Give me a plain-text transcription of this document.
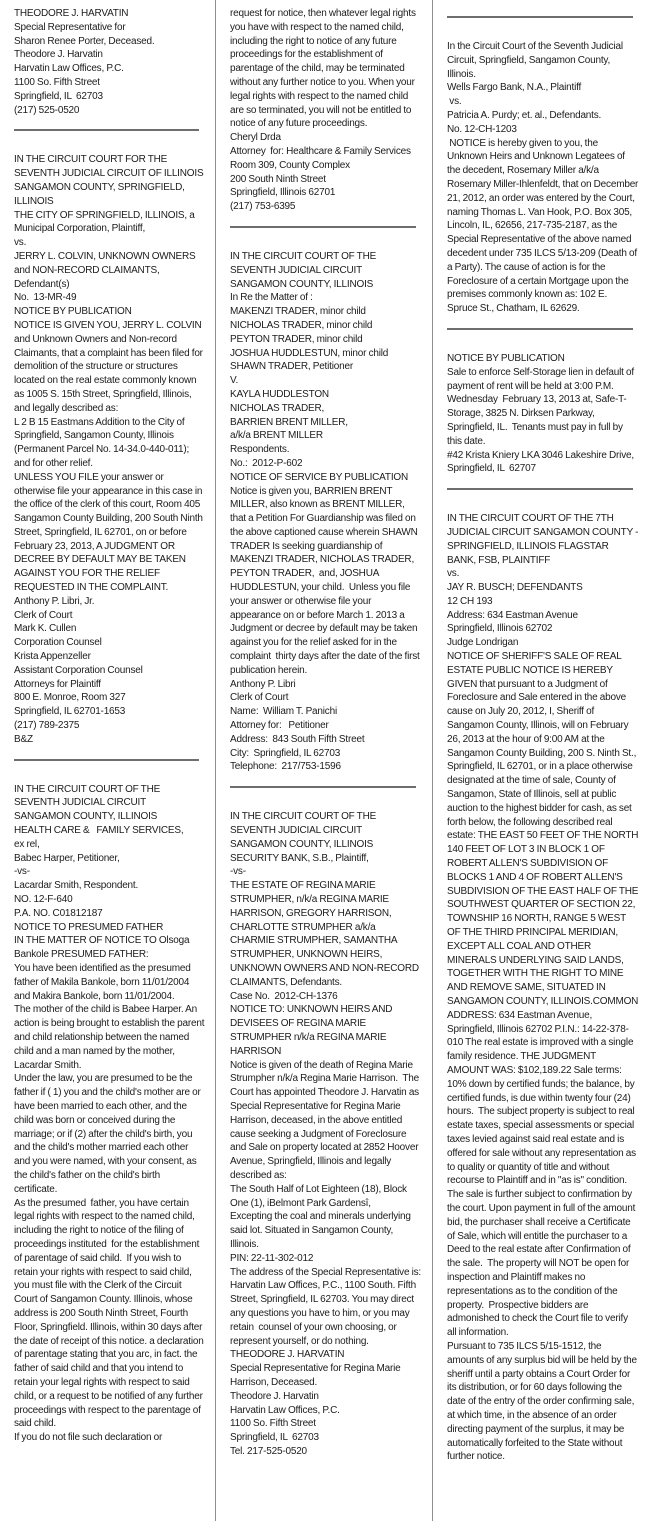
THEODORE J. HARVATIN
Special Representative for
Sharon Renee Porter, Deceased.
Theodore J. Harvatin
Harvatin Law Offices, P.C.
1100 So. Fifth Street
Springfield, IL  62703
(217) 525-0520
IN THE CIRCUIT COURT FOR THE SEVENTH JUDICIAL CIRCUIT OF ILLINOIS SANGAMON COUNTY, SPRINGFIELD, ILLINOIS
THE CITY OF SPRINGFIELD, ILLINOIS, a Municipal Corporation, Plaintiff,
vs.
JERRY L. COLVIN, UNKNOWN OWNERS and NON-RECORD CLAIMANTS, Defendant(s)
No.  13-MR-49
NOTICE BY PUBLICATION
NOTICE IS GIVEN YOU, JERRY L. COLVIN and Unknown Owners and Non-record Claimants, that a complaint has been filed for demolition of the structure or structures located on the real estate commonly known as 1005 S. 15th Street, Springfield, Illinois, and legally described as:
L 2 B 15 Eastmans Addition to the City of Springfield, Sangamon County, Illinois (Permanent Parcel No. 14-34.0-440-011); and for other relief.
UNLESS YOU FILE your answer or otherwise file your appearance in this case in the office of the clerk of this court, Room 405 Sangamon County Building, 200 South Ninth Street, Springfield, IL 62701, on or before February 23, 2013, A JUDGMENT OR DECREE BY DEFAULT MAY BE TAKEN AGAINST YOU FOR THE RELIEF REQUESTED IN THE COMPLAINT.
Anthony P. Libri, Jr.
Clerk of Court
Mark K. Cullen
Corporation Counsel
Krista Appenzeller
Assistant Corporation Counsel
Attorneys for Plaintiff
800 E. Monroe, Room 327
Springfield, IL 62701-1653
(217) 789-2375
B&Z
IN THE CIRCUIT COURT OF THE SEVENTH JUDICIAL CIRCUIT
SANGAMON COUNTY, ILLINOIS
HEALTH CARE &   FAMILY SERVICES,
ex rel,
Babec Harper, Petitioner,
-vs-
Lacardar Smith, Respondent.
NO. 12-F-640
P.A. NO. C01812187
NOTICE TO PRESUMED FATHER
IN THE MATTER OF NOTICE TO Olsoga Bankole PRESUMED FATHER:
You have been identified as the presumed father of Makila Bankole, born 11/01/2004 and Makira Bankole, born 11/01/2004.
The mother of the child is Babee Harper. An action is being brought to establish the parent and child relationship between the named child and a man named by the mother, Lacardar Smith.
Under the law, you are presumed to be the father if ( 1) you and the child's mother are or have been married to each other, and the child was born or conceived during the marriage; or if (2) after the child's birth, you and the child's mother married each other and you were named, with your consent, as the child's father on the child's birth certificate.
As the presumed  father, you have certain legal rights with respect to the named child, including the right to notice of the filing of proceedings instituted  for the establishment of parentage of said child.  If you wish to retain your rights with respect to said child, you must file with the Clerk of the Circuit Court of Sangamon County. Illinois, whose address is 200 South Ninth Street, Fourth Floor, Springfield. Illinois, within 30 days after the date of receipt of this notice. a declaration of parentage stating that you arc, in fact. the father of said child and that you intend to retain your legal rights with respect to said child, or a request to be notified of any further proceedings with respect to the parentage of said child.
If you do not file such declaration or
request for notice, then whatever legal rights you have with respect to the named child, including the right to notice of any future proceedings for the establishment of parentage of the child, may be terminated without any further notice to you. When your legal rights with respect to the named child are so terminated, you will not be entitled to notice of any future proceedings.
Cheryl Drda
Attorney  for: Healthcare & Family Services
Room 309, County Complex
200 South Ninth Street
Springfield, Illinois 62701
(217) 753-6395
IN THE CIRCUIT COURT OF THE SEVENTH JUDICIAL CIRCUIT
SANGAMON COUNTY, ILLINOIS
In Re the Matter of :
MAKENZI TRADER, minor child
NICHOLAS TRADER, minor child
PEYTON TRADER, minor child
JOSHUA HUDDLESTUN, minor child
SHAWN TRADER, Petitioner
V.
KAYLA HUDDLESTON
NICHOLAS TRADER,
BARRIEN BRENT MILLER,
a/k/a BRENT MILLER
Respondents.
No.:  2012-P-602
NOTICE OF SERVICE BY PUBLICATION
Notice is given you, BARRIEN BRENT MILLER, also known as BRENT MILLER, that a Petition For Guardianship was filed on the above captioned cause wherein SHAWN TRADER Is seeking guardianship of MAKENZI TRADER, NICHOLAS TRADER, PEYTON TRADER,  and, JOSHUA HUDDLESTUN, your child.  Unless you file your answer or otherwise file your appearance on or before March 1. 2013 a Judgment or decree by default may be taken against you for the relief asked for in the complaint  thirty days after the date of the first publication herein.
Anthony P. Libri
Clerk of Court
Name:  William T. Panichi
Attorney for:   Petitioner
Address:  843 South Fifth Street
City:  Springfield, IL 62703
Telephone:  217/753-1596
IN THE CIRCUIT COURT OF THE SEVENTH JUDICIAL CIRCUIT
SANGAMON COUNTY, ILLINOIS
SECURITY BANK, S.B., Plaintiff,
-vs-
THE ESTATE OF REGINA MARIE STRUMPHER, n/k/a REGINA MARIE HARRISON, GREGORY HARRISON, CHARLOTTE STRUMPHER a/k/a CHARMIE STRUMPHER, SAMANTHA STRUMPHER, UNKNOWN HEIRS,
UNKNOWN OWNERS AND NON-RECORD CLAIMANTS, Defendants.
Case No.  2012-CH-1376
NOTICE TO: UNKNOWN HEIRS AND DEVISEES OF REGINA MARIE STRUMPHER n/k/a REGINA MARIE HARRISON
Notice is given of the death of Regina Marie Strumpher n/k/a Regina Marie Harrison.  The Court has appointed Theodore J. Harvatin as Special Representative for Regina Marie Harrison, deceased, in the above entitled cause seeking a Judgment of Foreclosure and Sale on property located at 2852 Hoover Avenue, Springfield, Illinois and legally described as:
The South Half of Lot Eighteen (18), Block One (1), iBelmont Park Gardensî,
Excepting the coal and minerals underlying said lot. Situated in Sangamon County, Illinois.
PIN: 22-11-302-012
The address of the Special Representative is: Harvatin Law Offices, P.C., 1100 South. Fifth Street, Springfield, IL 62703. You may direct any questions you have to him, or you may retain  counsel of your own choosing, or represent yourself, or do nothing.
THEODORE J. HARVATIN
Special Representative for Regina Marie Harrison, Deceased.
Theodore J. Harvatin
Harvatin Law Offices, P.C.
1100 So. Fifth Street
Springfield, IL  62703
Tel. 217-525-0520
In the Circuit Court of the Seventh Judicial Circuit, Springfield, Sangamon County, Illinois.
Wells Fargo Bank, N.A., Plaintiff
vs.
Patricia A. Purdy; et. al., Defendants.
No. 12-CH-1203
NOTICE is hereby given to you, the Unknown Heirs and Unknown Legatees of the decedent, Rosemary Miller a/k/a Rosemary Miller-Ihlenfeldt, that on December 21, 2012, an order was entered by the Court, naming Thomas L. Van Hook, P.O. Box 305, Lincoln, IL, 62656, 217-735-2187, as the Special Representative of the above named decedent under 735 ILCS 5/13-209 (Death of a Party). The cause of action is for the Foreclosure of a certain Mortgage upon the premises commonly known as: 102 E. Spruce St., Chatham, IL 62629.
NOTICE BY PUBLICATION
Sale to enforce Self-Storage lien in default of payment of rent will be held at 3:00 P.M.  Wednesday  February 13, 2013 at, Safe-T-Storage, 3825 N. Dirksen Parkway, Springfield, IL.  Tenants must pay in full by this date.
#42 Krista Kniery LKA 3046 Lakeshire Drive, Springfield, IL  62707
IN THE CIRCUIT COURT OF THE 7TH JUDICIAL CIRCUIT SANGAMON COUNTY - SPRINGFIELD, ILLINOIS FLAGSTAR BANK, FSB, PLAINTIFF
vs.
JAY R. BUSCH; DEFENDANTS
12 CH 193
Address: 634 Eastman Avenue
Springfield, Illinois 62702
Judge Londrigan
NOTICE OF SHERIFF'S SALE OF REAL ESTATE PUBLIC NOTICE IS HEREBY GIVEN that pursuant to a Judgment of Foreclosure and Sale entered in the above cause on July 20, 2012, I, Sheriff of Sangamon County, Illinois, will on February 26, 2013 at the hour of 9:00 AM at the Sangamon County Building, 200 S. Ninth St., Springfield, IL 62701, or in a place otherwise designated at the time of sale, County of Sangamon, State of Illinois, sell at public auction to the highest bidder for cash, as set forth below, the following described real estate: THE EAST 50 FEET OF THE NORTH 140 FEET OF LOT 3 IN BLOCK 1 OF ROBERT ALLEN'S SUBDIVISION OF BLOCKS 1 AND 4 OF ROBERT ALLEN'S SUBDIVISION OF THE EAST HALF OF THE SOUTHWEST QUARTER OF SECTION 22, TOWNSHIP 16 NORTH, RANGE 5 WEST OF THE THIRD PRINCIPAL MERIDIAN, EXCEPT ALL COAL AND OTHER MINERALS UNDERLYING SAID LANDS, TOGETHER WITH THE RIGHT TO MINE AND REMOVE SAME, SITUATED IN SANGAMON COUNTY, ILLINOIS.COMMON ADDRESS: 634 Eastman Avenue, Springfield, Illinois 62702 P.I.N.: 14-22-378-010 The real estate is improved with a single family residence. THE JUDGMENT AMOUNT WAS: $102,189.22 Sale terms: 10% down by certified funds; the balance, by certified funds, is due within twenty four (24) hours.  The subject property is subject to real estate taxes, special assessments or special taxes levied against said real estate and is offered for sale without any representation as to quality or quantity of title and without recourse to Plaintiff and in "as is" condition.  The sale is further subject to confirmation by the court. Upon payment in full of the amount bid, the purchaser shall receive a Certificate of Sale, which will entitle the purchaser to a Deed to the real estate after Confirmation of the sale.  The property will NOT be open for inspection and Plaintiff makes no representations as to the condition of the property.  Prospective bidders are admonished to check the Court file to verify all information.
Pursuant to 735 ILCS 5/15-1512, the amounts of any surplus bid will be held by the sheriff until a party obtains a Court Order for its distribution, or for 60 days following the date of the entry of the order confirming sale, at which time, in the absence of an order directing payment of the surplus, it may be automatically forfeited to the State without further notice.
